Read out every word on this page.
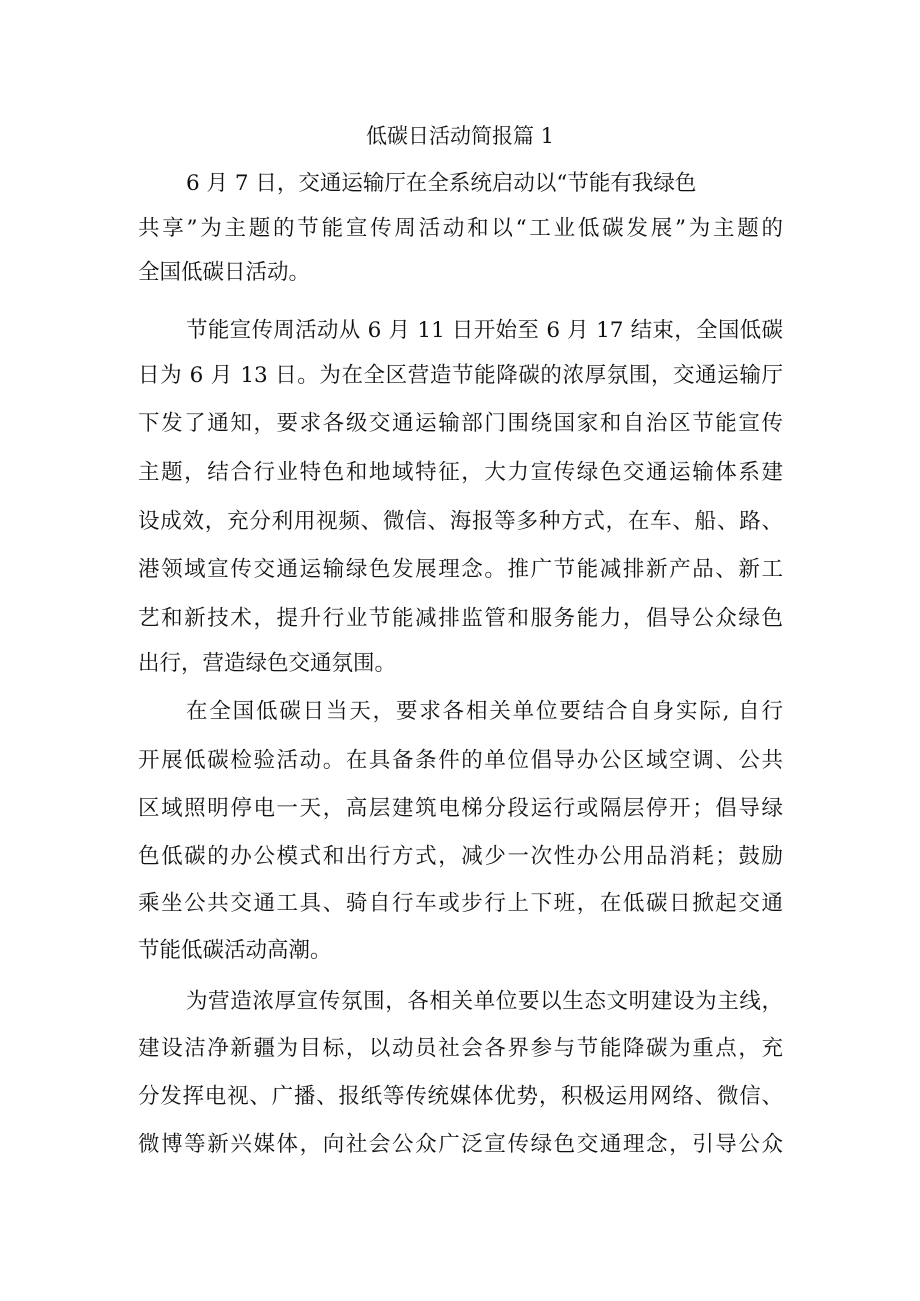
低碳日活动简报篇 1
6 月 7 日，交通运输厅在全系统启动以“节能有我绿色
共享”为主题的节能宣传周活动和以“工业低碳发展”为主题的
全国低碳日活动。
节能宣传周活动从 6 月 11 日开始至 6 月 17 结束，全国低碳
日为 6 月 13 日。为在全区营造节能降碳的浓厚氛围，交通运输厅
下发了通知，要求各级交通运输部门围绕国家和自治区节能宣传
主题，结合行业特色和地域特征，大力宣传绿色交通运输体系建
设成效，充分利用视频、微信、海报等多种方式，在车、船、路、
港领域宣传交通运输绿色发展理念。推广节能减排新产品、新工
艺和新技术，提升行业节能减排监管和服务能力，倡导公众绿色
出行，营造绿色交通氛围。
在全国低碳日当天，要求各相关单位要结合自身实际, 自行
开展低碳检验活动。在具备条件的单位倡导办公区域空调、公共
区域照明停电一天，高层建筑电梯分段运行或隔层停开；倡导绿
色低碳的办公模式和出行方式，减少一次性办公用品消耗；鼓励
乘坐公共交通工具、骑自行车或步行上下班，在低碳日掀起交通
节能低碳活动高潮。
为营造浓厚宣传氛围，各相关单位要以生态文明建设为主线，
建设洁净新疆为目标，以动员社会各界参与节能降碳为重点，充
分发挥电视、广播、报纸等传统媒体优势，积极运用网络、微信、
微博等新兴媒体，向社会公众广泛宣传绿色交通理念，引导公众
